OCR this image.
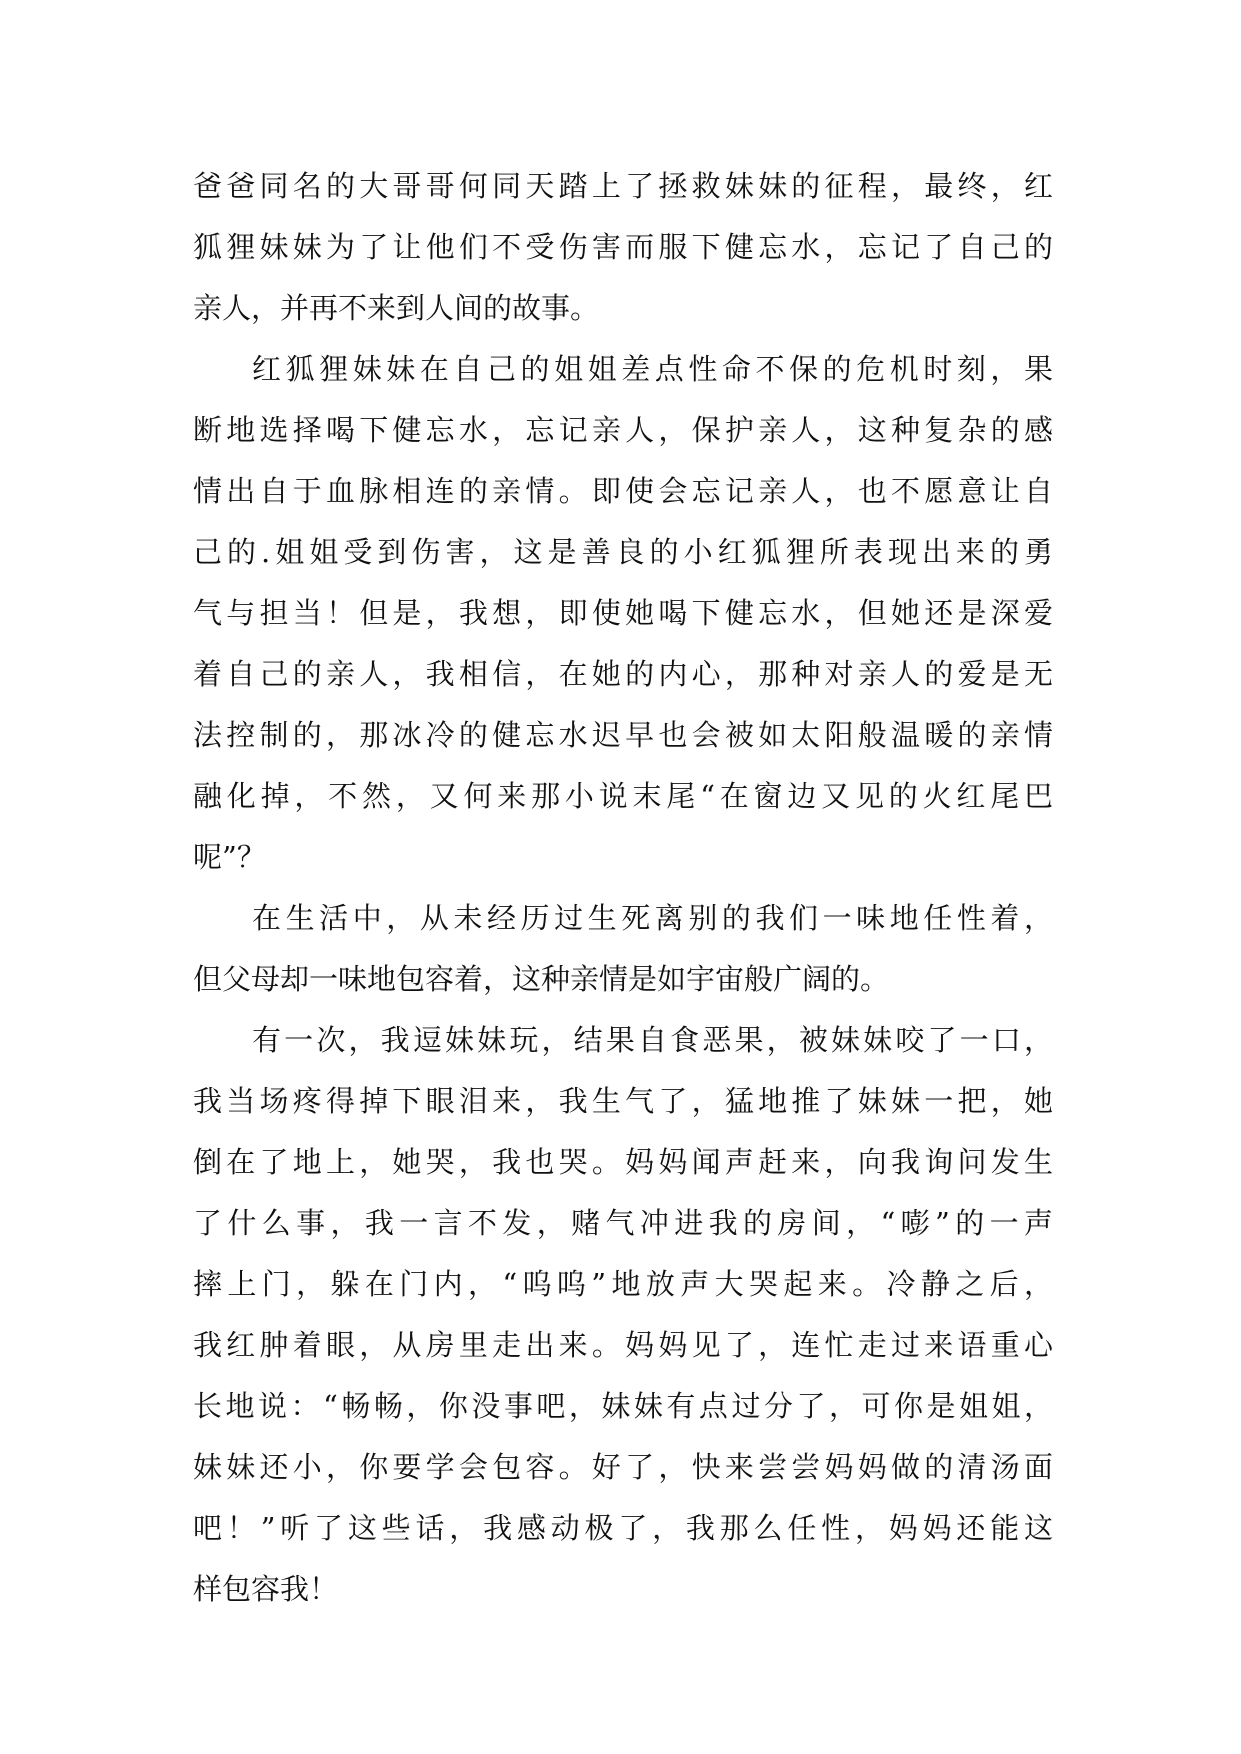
爸爸同名的大哥哥何同天踏上了拯救妹妹的征程，最终，红
狐狸妹妹为了让他们不受伤害而服下健忘水，忘记了自己的
亲人，并再不来到人间的故事。
红狐狸妹妹在自己的姐姐差点性命不保的危机时刻，果
断地选择喝下健忘水，忘记亲人，保护亲人，这种复杂的感
情出自于血脉相连的亲情。即使会忘记亲人，也不愿意让自
己的.姐姐受到伤害，这是善良的小红狐狸所表现出来的勇
气与担当！但是，我想，即使她喝下健忘水，但她还是深爱
着自己的亲人，我相信，在她的内心，那种对亲人的爱是无
法控制的，那冰冷的健忘水迟早也会被如太阳般温暖的亲情
融化掉，不然，又何来那小说末尾“在窗边又见的火红尾巴
呢”？
在生活中，从未经历过生死离别的我们一味地任性着，
但父母却一味地包容着，这种亲情是如宇宙般广阔的。
有一次，我逗妹妹玩，结果自食恶果，被妹妹咬了一口，
我当场疼得掉下眼泪来，我生气了，猛地推了妹妹一把，她
倒在了地上，她哭，我也哭。妈妈闻声赶来，向我询问发生
了什么事，我一言不发，赌气冲进我的房间，“嘭”的一声
摔上门，躲在门内，“呜呜”地放声大哭起来。冷静之后，
我红肿着眼，从房里走出来。妈妈见了，连忙走过来语重心
长地说：“畅畅，你没事吧，妹妹有点过分了，可你是姐姐，
妹妹还小，你要学会包容。好了，快来尝尝妈妈做的清汤面
吧！”听了这些话，我感动极了，我那么任性，妈妈还能这
样包容我！
